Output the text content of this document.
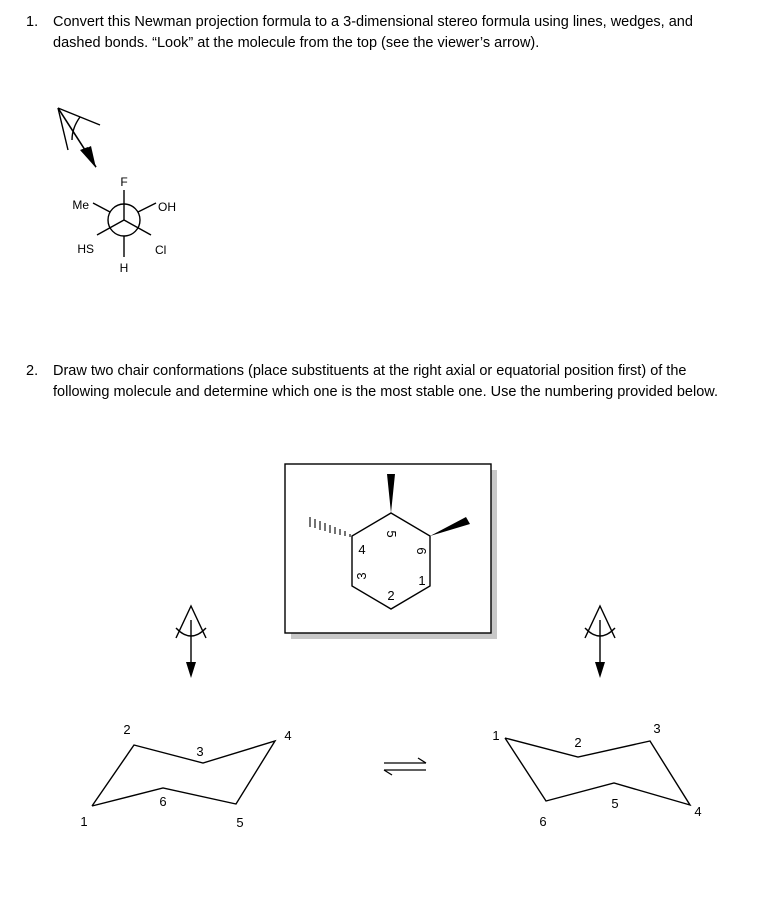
1. Convert this Newman projection formula to a 3-dimensional stereo formula using lines, wedges, and dashed bonds. “Look” at the molecule from the top (see the viewer’s arrow).
2. Draw two chair conformations (place substituents at the right axial or equatorial position first) of the following molecule and determine which one is the most stable one. Use the numbering provided below.
F
Me	OH
HS	Cl
H
1
2
3
4
5
6
1
2
3
4
5
6
⇌
1	2
3
4
5
6
